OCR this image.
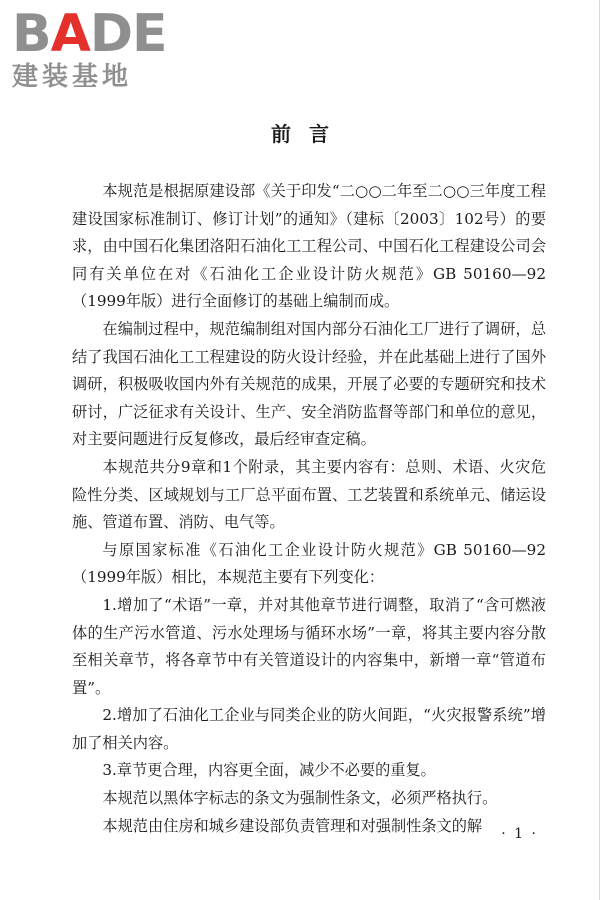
B A DE
建装基地
前言

本规范是根据原建设部《关于印发“二○○二年至二○○三年度工程建设国家标准制订、修订计划”的通知》（建标〔2003〕102号）的要求，由中国石化集团洛阳石油化工工程公司、中国石化工程建设公司会同有关单位在对《石油化工企业设计防火规范》GB 50160—92（1999年版）进行全面修订的基础上编制而成。

在编制过程中，规范编制组对国内部分石油化工厂进行了调研，总结了我国石油化工工程建设的防火设计经验，并在此基础上进行了国外调研，积极吸收国内外有关规范的成果，开展了必要的专题研究和技术研讨，广泛征求有关设计、生产、安全消防监督等部门和单位的意见，对主要问题进行反复修改，最后经审查定稿。

本规范共分9章和1个附录，其主要内容有：总则、术语、火灾危险性分类、区域规划与工厂总平面布置、工艺装置和系统单元、储运设施、管道布置、消防、电气等。

与原国家标准《石油化工企业设计防火规范》GB 50160—92（1999年版）相比，本规范主要有下列变化：

1.增加了“术语”一章，并对其他章节进行调整，取消了“含可燃液体的生产污水管道、污水处理场与循环水场”一章，将其主要内容分散至相关章节，将各章节中有关管道设计的内容集中，新增一章“管道布置”。

2.增加了石油化工企业与同类企业的防火间距，“火灾报警系统”增加了相关内容。

3.章节更合理，内容更全面，减少不必要的重复。

本规范以黑体字标志的条文为强制性条文，必须严格执行。

本规范由住房和城乡建设部负责管理和对强制性条文的解	· 1 ·
